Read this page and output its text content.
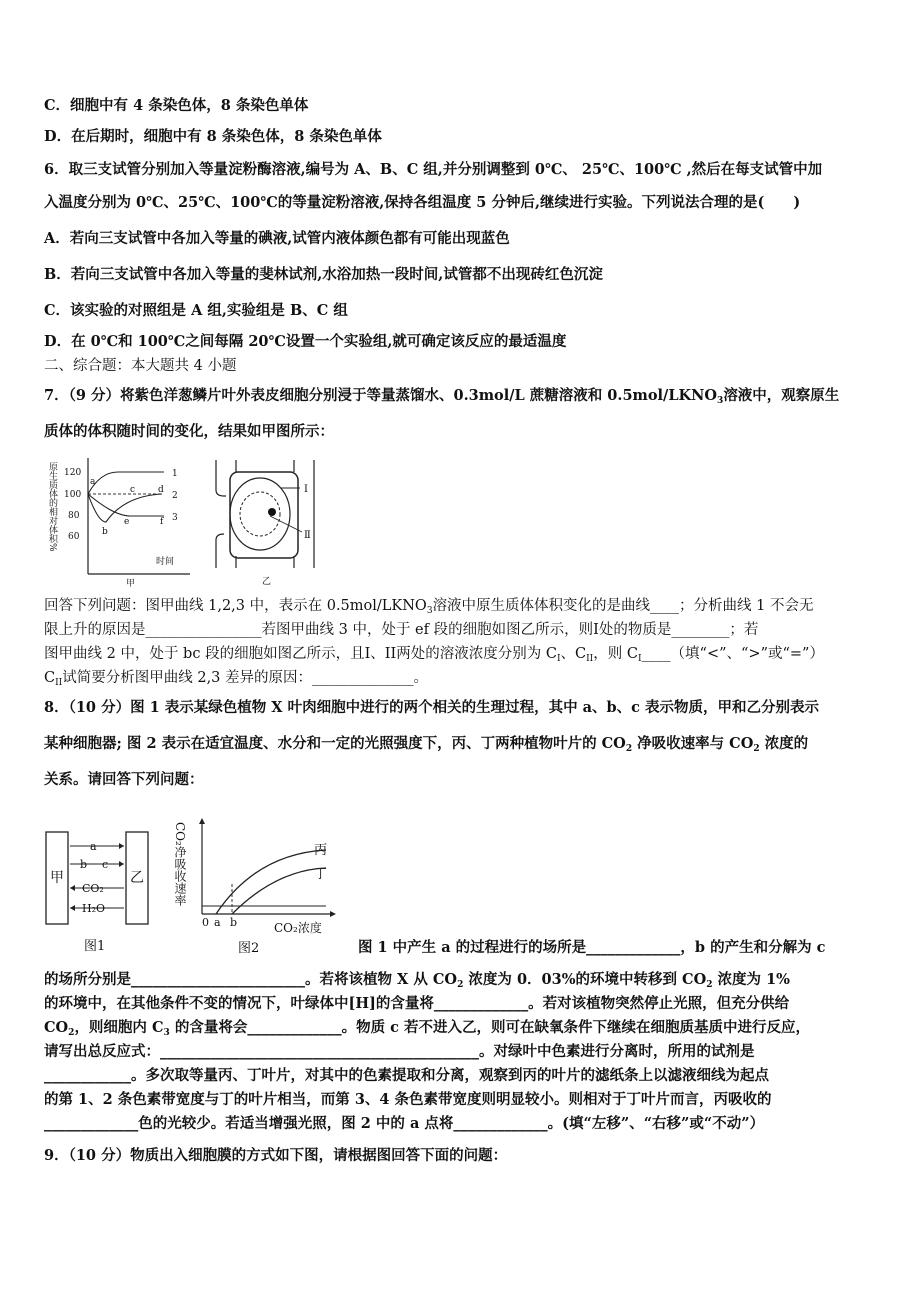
C．细胞中有 4 条染色体，8 条染色单体
D．在后期时，细胞中有 8 条染色体，8 条染色单体
6．取三支试管分别加入等量淀粉酶溶液,编号为 A、B、C 组,并分别调整到 0℃、 25℃、100℃ ,然后在每支试管中加
入温度分别为 0℃、25℃、100℃的等量淀粉溶液,保持各组温度 5 分钟后,继续进行实验。下列说法合理的是(　　)
A．若向三支试管中各加入等量的碘液,试管内液体颜色都有可能出现蓝色
B．若向三支试管中各加入等量的斐林试剂,水浴加热一段时间,试管都不出现砖红色沉淀
C．该实验的对照组是 A 组,实验组是 B、C 组
D．在 0℃和 100℃之间每隔 20℃设置一个实验组,就可确定该反应的最适温度
二、综合题：本大题共 4 小题
7．（9 分）将紫色洋葱鳞片叶外表皮细胞分别浸于等量蒸馏水、0.3mol/L 蔗糖溶液和 $0.5mol/LKNO_3$溶液中，观察原生
质体的体积随时间的变化，结果如甲图所示：
原生质体的相对体积% 120
100
80
60
a
b
c	d
e	f
1
2
3
时间
甲
I
Ⅱ
乙
回答下列问题：图甲曲线 1,2,3 中，表示在 $0.5mol/LKNO_3$溶液中原生质体体积变化的是曲线____；分析曲线 1 不会无
限上升的原因是________________若图甲曲线 3 中，处于 ef 段的细胞如图乙所示，则I处的物质是________；若
图甲曲线 2 中，处于 bc 段的细胞如图乙所示，且I、II两处的溶液浓度分别为 $C_I$、$C_{II}$，则 $C_I\_\_\_\_$（填“<”、“>”或“=”）
$C_{II}$试简要分析图甲曲线 2,3 差异的原因：______________。
8．（10 分）图 1 表示某绿色植物 X 叶肉细胞中进行的两个相关的生理过程，其中 a、b、c 表示物质，甲和乙分别表示
某种细胞器; 图 2 表示在适宜温度、水分和一定的光照强度下，丙、丁两种植物叶片的 $CO_2$ 净吸收速率与 $CO_2$ 浓度的
关系。请回答下列问题：
甲	乙
a
b c
CO₂
H₂O
图1
CO₂净吸收速率
0 a b	CO₂浓度
丙
丁
图2	图 1 中产生 a 的过程进行的场所是_____________，b 的产生和分解为 c
的场所分别是________________________。若将该植物 X 从 $CO_2$ 浓度为 0．03%的环境中转移到 $CO_2$ 浓度为 1%
的环境中，在其他条件不变的情况下，叶绿体中[H]的含量将_____________。若对该植物突然停止光照，但充分供给
$CO_2$，则细胞内 $C_3$ 的含量将会_____________。物质 c 若不进入乙，则可在缺氧条件下继续在细胞质基质中进行反应，
请写出总反应式：____________________________________________。对绿叶中色素进行分离时，所用的试剂是
____________。多次取等量丙、丁叶片，对其中的色素提取和分离，观察到丙的叶片的滤纸条上以滤液细线为起点
的第 1、2 条色素带宽度与丁的叶片相当，而第 3、4 条色素带宽度则明显较小。则相对于丁叶片而言，丙吸收的
_____________色的光较少。若适当增强光照，图 2 中的 a 点将_____________。(填“左移”、“右移”或“不动”）
9．（10 分）物质出入细胞膜的方式如下图，请根据图回答下面的问题：
